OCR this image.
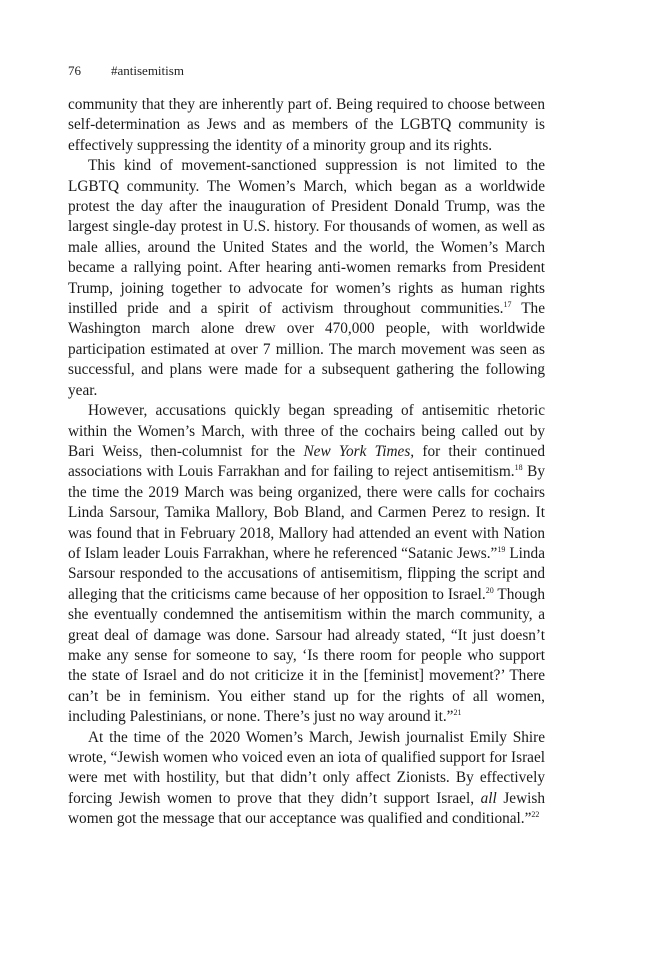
76 #antisemitism

community that they are inherently part of. Being required to choose between self-determination as Jews and as members of the LGBTQ community is effectively suppressing the identity of a minority group and its rights.

This kind of movement-sanctioned suppression is not limited to the LGBTQ community. The Women’s March, which began as a worldwide protest the day after the inauguration of President Donald Trump, was the largest single-day protest in U.S. history. For thousands of women, as well as male allies, around the United States and the world, the Women’s March became a rallying point. After hearing anti-women remarks from President Trump, joining together to advocate for women’s rights as human rights instilled pride and a spirit of activism throughout communities.$^{17}$ The Washington march alone drew over 470,000 people, with worldwide participation estimated at over 7 million. The march movement was seen as successful, and plans were made for a subsequent gathering the following year.

However, accusations quickly began spreading of antisemitic rhetoric within the Women’s March, with three of the cochairs being called out by Bari Weiss, then-columnist for the New York Times, for their continued associations with Louis Farrakhan and for failing to reject antisemitism.$^{18}$ By the time the 2019 March was being organized, there were calls for cochairs Linda Sarsour, Tamika Mallory, Bob Bland, and Carmen Perez to resign. It was found that in February 2018, Mallory had attended an event with Nation of Islam leader Louis Farrakhan, where he referenced “Satanic Jews.”$^{19}$ Linda Sarsour responded to the accusations of antisemitism, flipping the script and alleging that the criticisms came because of her opposition to Israel.$^{20}$ Though she eventually condemned the antisemitism within the march community, a great deal of damage was done. Sarsour had already stated, “It just doesn’t make any sense for someone to say, ‘Is there room for people who support the state of Israel and do not criticize it in the [feminist] movement?’ There can’t be in feminism. You either stand up for the rights of all women, including Palestinians, or none. There’s just no way around it.”$^{21}$

At the time of the 2020 Women’s March, Jewish journalist Emily Shire wrote, “Jewish women who voiced even an iota of qualified support for Israel were met with hostility, but that didn’t only affect Zionists. By effectively forcing Jewish women to prove that they didn’t support Israel, all Jewish women got the message that our acceptance was qualified and conditional.”$^{22}$
